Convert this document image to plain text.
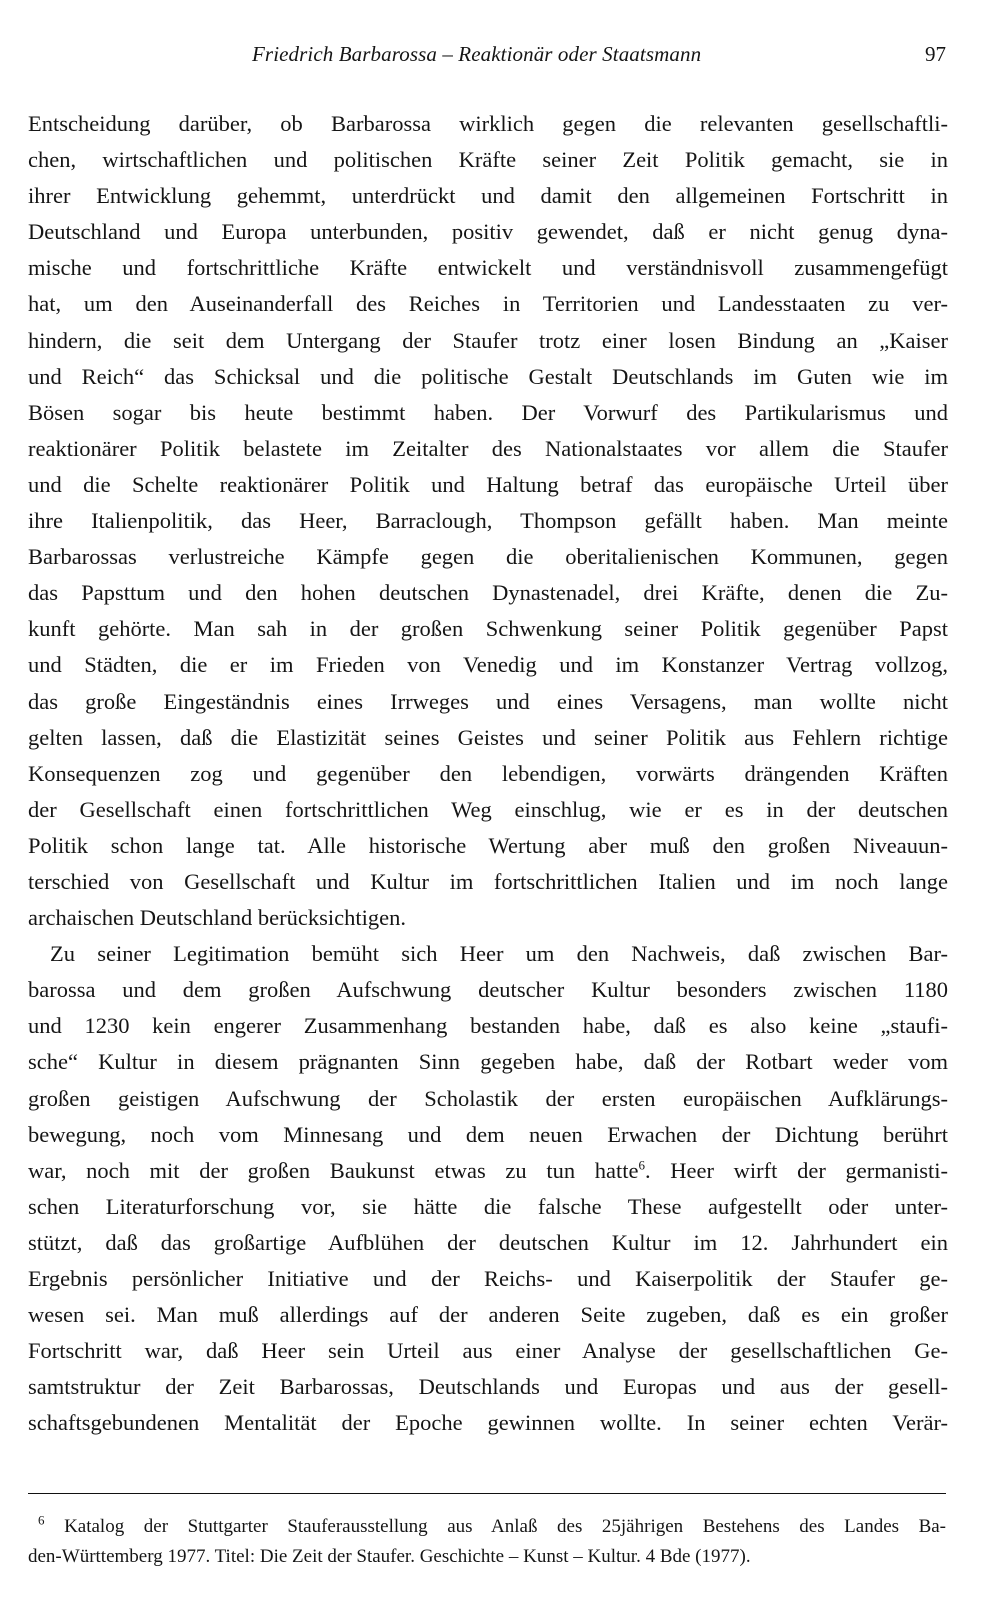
Friedrich Barbarossa – Reaktionär oder Staatsmann	97
Entscheidung darüber, ob Barbarossa wirklich gegen die relevanten gesellschaftli-
chen, wirtschaftlichen und politischen Kräfte seiner Zeit Politik gemacht, sie in
ihrer Entwicklung gehemmt, unterdrückt und damit den allgemeinen Fortschritt in
Deutschland und Europa unterbunden, positiv gewendet, daß er nicht genug dyna-
mische und fortschrittliche Kräfte entwickelt und verständnisvoll zusammengefügt
hat, um den Auseinanderfall des Reiches in Territorien und Landesstaaten zu ver-
hindern, die seit dem Untergang der Staufer trotz einer losen Bindung an „Kaiser
und Reich“ das Schicksal und die politische Gestalt Deutschlands im Guten wie im
Bösen sogar bis heute bestimmt haben. Der Vorwurf des Partikularismus und
reaktionärer Politik belastete im Zeitalter des Nationalstaates vor allem die Staufer
und die Schelte reaktionärer Politik und Haltung betraf das europäische Urteil über
ihre Italienpolitik, das Heer, Barraclough, Thompson gefällt haben. Man meinte
Barbarossas verlustreiche Kämpfe gegen die oberitalienischen Kommunen, gegen
das Papsttum und den hohen deutschen Dynastenadel, drei Kräfte, denen die Zu-
kunft gehörte. Man sah in der großen Schwenkung seiner Politik gegenüber Papst
und Städten, die er im Frieden von Venedig und im Konstanzer Vertrag vollzog,
das große Eingeständnis eines Irrweges und eines Versagens, man wollte nicht
gelten lassen, daß die Elastizität seines Geistes und seiner Politik aus Fehlern richtige
Konsequenzen zog und gegenüber den lebendigen, vorwärts drängenden Kräften
der Gesellschaft einen fortschrittlichen Weg einschlug, wie er es in der deutschen
Politik schon lange tat. Alle historische Wertung aber muß den großen Niveauun-
terschied von Gesellschaft und Kultur im fortschrittlichen Italien und im noch lange
archaischen Deutschland berücksichtigen.
Zu seiner Legitimation bemüht sich Heer um den Nachweis, daß zwischen Bar-
barossa und dem großen Aufschwung deutscher Kultur besonders zwischen 1180
und 1230 kein engerer Zusammenhang bestanden habe, daß es also keine „staufi-
sche“ Kultur in diesem prägnanten Sinn gegeben habe, daß der Rotbart weder vom
großen geistigen Aufschwung der Scholastik der ersten europäischen Aufklärungs-
bewegung, noch vom Minnesang und dem neuen Erwachen der Dichtung berührt
war, noch mit der großen Baukunst etwas zu tun hatte$^6$. Heer wirft der germanisti-
schen Literaturforschung vor, sie hätte die falsche These aufgestellt oder unter-
stützt, daß das großartige Aufblühen der deutschen Kultur im 12. Jahrhundert ein
Ergebnis persönlicher Initiative und der Reichs- und Kaiserpolitik der Staufer ge-
wesen sei. Man muß allerdings auf der anderen Seite zugeben, daß es ein großer
Fortschritt war, daß Heer sein Urteil aus einer Analyse der gesellschaftlichen Ge-
samtstruktur der Zeit Barbarossas, Deutschlands und Europas und aus der gesell-
schaftsgebundenen Mentalität der Epoche gewinnen wollte. In seiner echten Verär-
$^6$ Katalog der Stuttgarter Stauferausstellung aus Anlaß des 25jährigen Bestehens des Landes Ba-
den-Württemberg 1977. Titel: Die Zeit der Staufer. Geschichte – Kunst – Kultur. 4 Bde (1977).
